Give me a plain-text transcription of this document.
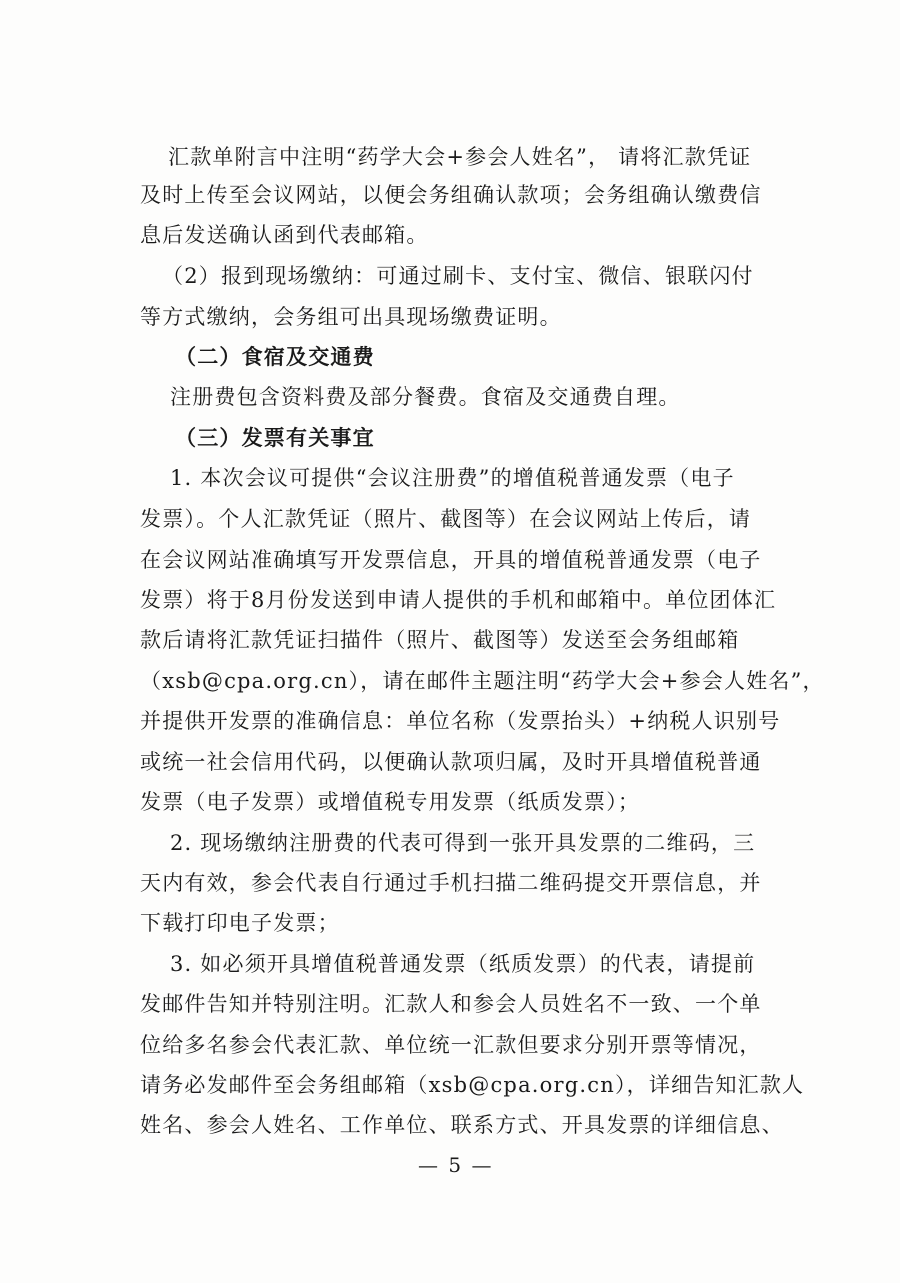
汇款单附言中注明“药学大会+参会人姓名”， 请将汇款凭证
及时上传至会议网站，以便会务组确认款项；会务组确认缴费信
息后发送确认函到代表邮箱。
（2）报到现场缴纳：可通过刷卡、支付宝、微信、银联闪付
等方式缴纳，会务组可出具现场缴费证明。
（二）食宿及交通费
注册费包含资料费及部分餐费。食宿及交通费自理。
（三）发票有关事宜
1. 本次会议可提供“会议注册费”的增值税普通发票（电子
发票）。个人汇款凭证（照片、截图等）在会议网站上传后，请
在会议网站准确填写开发票信息，开具的增值税普通发票（电子
发票）将于8月份发送到申请人提供的手机和邮箱中。单位团体汇
款后请将汇款凭证扫描件（照片、截图等）发送至会务组邮箱
（xsb@cpa.org.cn），请在邮件主题注明“药学大会+参会人姓名”，
并提供开发票的准确信息：单位名称（发票抬头）+纳税人识别号
或统一社会信用代码，以便确认款项归属，及时开具增值税普通
发票（电子发票）或增值税专用发票（纸质发票）；
2. 现场缴纳注册费的代表可得到一张开具发票的二维码，三
天内有效，参会代表自行通过手机扫描二维码提交开票信息，并
下载打印电子发票；
3. 如必须开具增值税普通发票（纸质发票）的代表，请提前
发邮件告知并特别注明。汇款人和参会人员姓名不一致、一个单
位给多名参会代表汇款、单位统一汇款但要求分别开票等情况，
请务必发邮件至会务组邮箱（xsb@cpa.org.cn），详细告知汇款人
姓名、参会人姓名、工作单位、联系方式、开具发票的详细信息、
— 5 —
